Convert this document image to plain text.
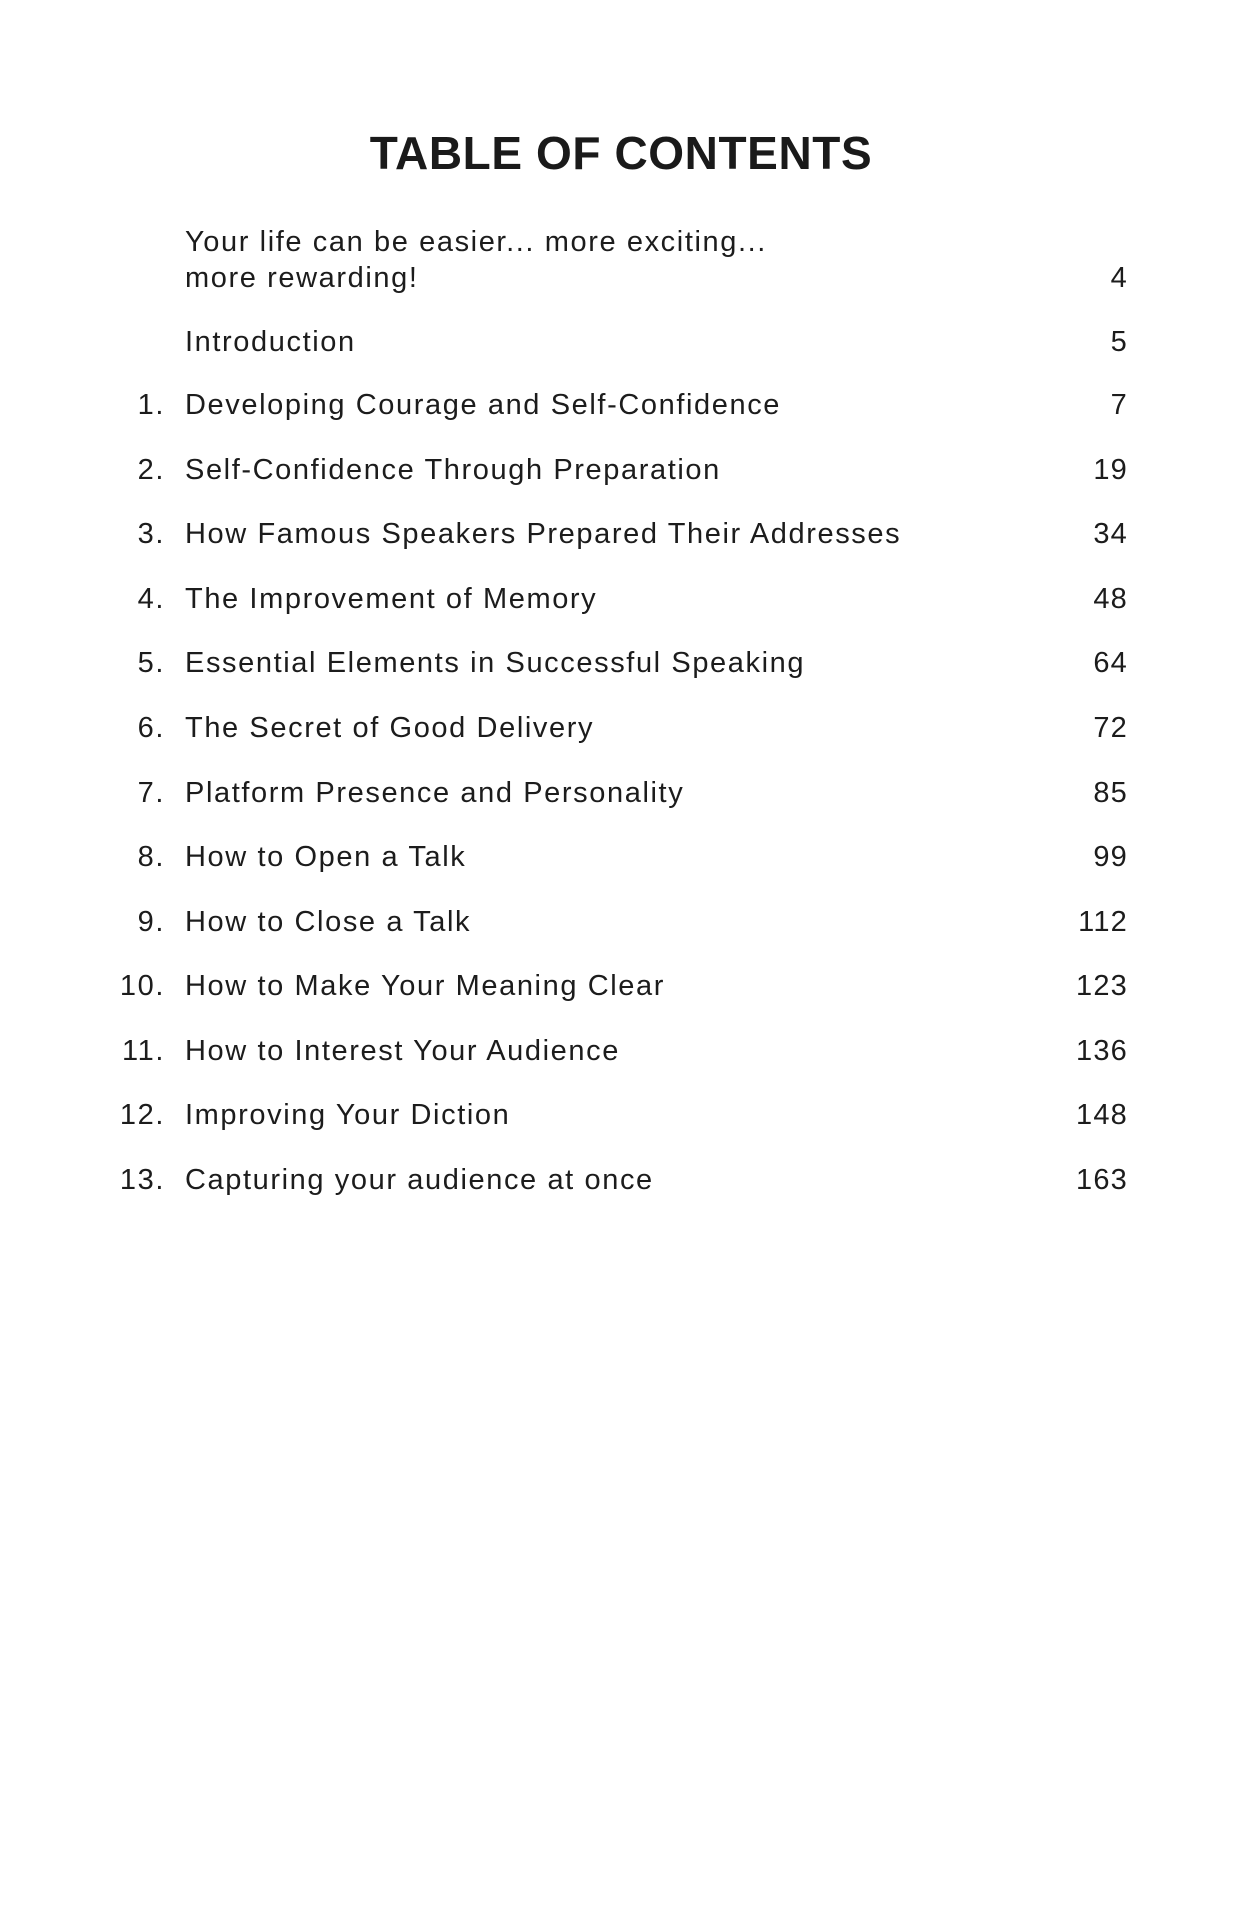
TABLE OF CONTENTS
Your life can be easier... more exciting...
more rewarding!	4
Introduction	5
1. Developing Courage and Self-Confidence	7
2. Self-Confidence Through Preparation	19
3. How Famous Speakers Prepared Their Addresses	34
4. The Improvement of Memory	48
5. Essential Elements in Successful Speaking	64
6. The Secret of Good Delivery	72
7. Platform Presence and Personality	85
8. How to Open a Talk	99
9. How to Close a Talk	112
10. How to Make Your Meaning Clear	123
11. How to Interest Your Audience	136
12. Improving Your Diction	148
13. Capturing your audience at once	163
